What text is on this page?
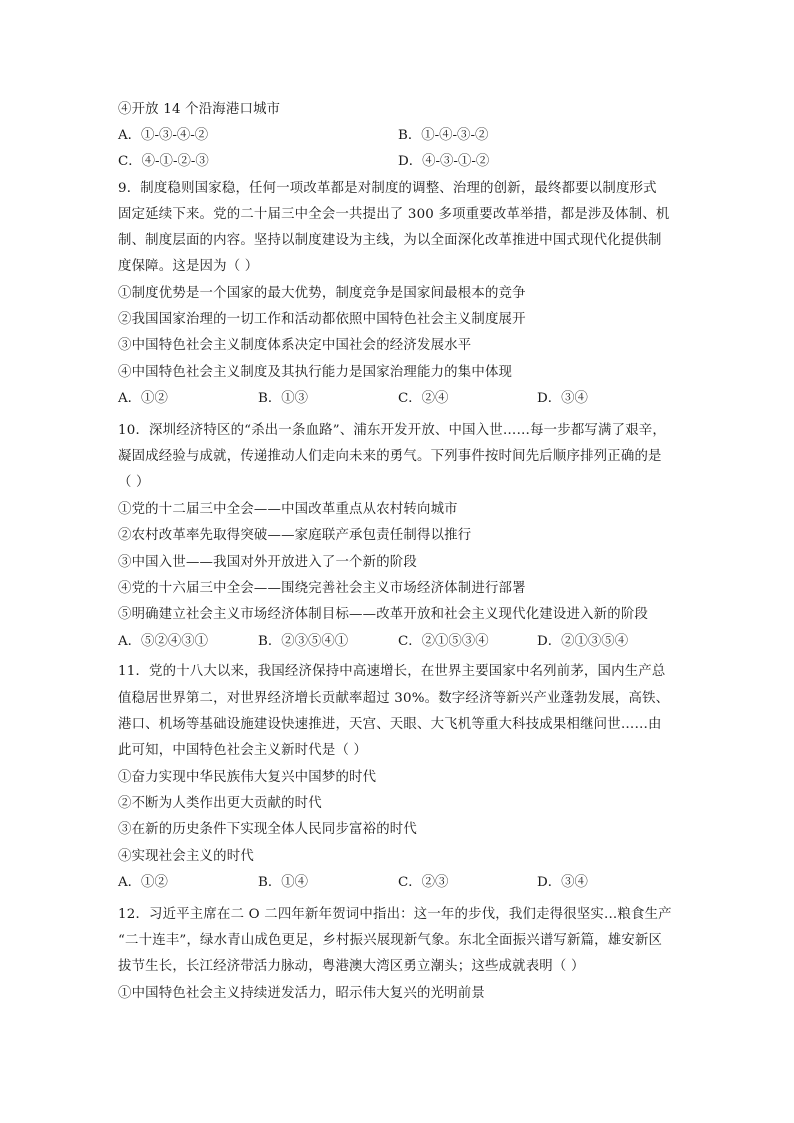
④开放 14 个沿海港口城市
A．①-③-④-②	B．①-④-③-②
C．④-①-②-③	D．④-③-①-②
9．制度稳则国家稳，任何一项改革都是对制度的调整、治理的创新，最终都要以制度形式
固定延续下来。党的二十届三中全会一共提出了 300 多项重要改革举措，都是涉及体制、机
制、制度层面的内容。坚持以制度建设为主线，为以全面深化改革推进中国式现代化提供制
度保障。这是因为（ ）
①制度优势是一个国家的最大优势，制度竞争是国家间最根本的竞争
②我国国家治理的一切工作和活动都依照中国特色社会主义制度展开
③中国特色社会主义制度体系决定中国社会的经济发展水平
④中国特色社会主义制度及其执行能力是国家治理能力的集中体现
A．①②	B．①③	C．②④	D．③④
10．深圳经济特区的“杀出一条血路”、浦东开发开放、中国入世……每一步都写满了艰辛，
凝固成经验与成就，传递推动人们走向未来的勇气。下列事件按时间先后顺序排列正确的是
（ ）
①党的十二届三中全会——中国改革重点从农村转向城市
②农村改革率先取得突破——家庭联产承包责任制得以推行
③中国入世——我国对外开放进入了一个新的阶段
④党的十六届三中全会——围绕完善社会主义市场经济体制进行部署
⑤明确建立社会主义市场经济体制目标——改革开放和社会主义现代化建设进入新的阶段
A．⑤②④③①	B．②③⑤④①	C．②①⑤③④	D．②①③⑤④
11．党的十八大以来，我国经济保持中高速增长，在世界主要国家中名列前茅，国内生产总
值稳居世界第二，对世界经济增长贡献率超过 30%。数字经济等新兴产业蓬勃发展，高铁、
港口、机场等基础设施建设快速推进，天宫、天眼、大飞机等重大科技成果相继问世……由
此可知，中国特色社会主义新时代是（ ）
①奋力实现中华民族伟大复兴中国梦的时代
②不断为人类作出更大贡献的时代
③在新的历史条件下实现全体人民同步富裕的时代
④实现社会主义的时代
A．①②	B．①④	C．②③	D．③④
12．习近平主席在二 O 二四年新年贺词中指出：这一年的步伐，我们走得很坚实...粮食生产
“二十连丰”，绿水青山成色更足，乡村振兴展现新气象。东北全面振兴谱写新篇，雄安新区
拔节生长，长江经济带活力脉动，粤港澳大湾区勇立潮头；这些成就表明（ ）
①中国特色社会主义持续迸发活力，昭示伟大复兴的光明前景
